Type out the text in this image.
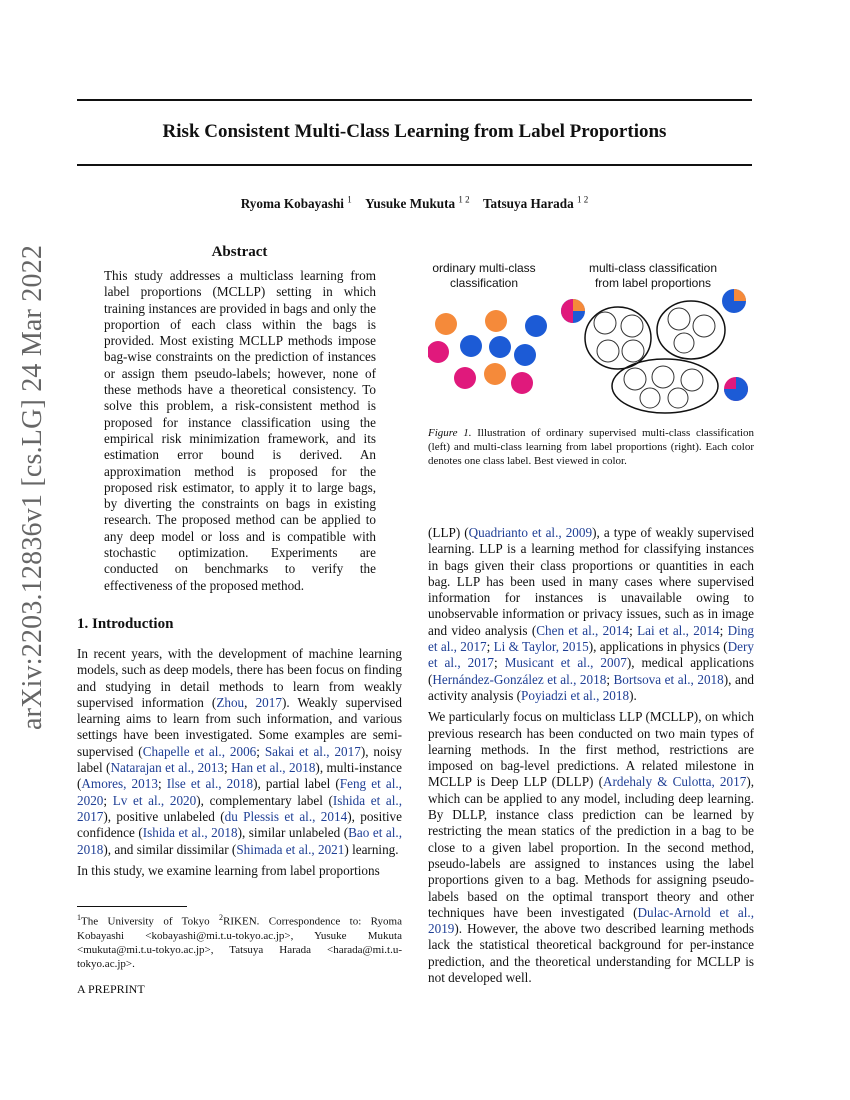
Risk Consistent Multi-Class Learning from Label Proportions
Ryoma Kobayashi $^1$ Yusuke Mukuta $^{1 2}$ Tatsuya Harada $^{1 2}$
arXiv:2203.12836v1 [cs.LG] 24 Mar 2022	Abstract

This study addresses a multiclass learning from label proportions (MCLLP) setting in which training instances are provided in bags and only the proportion of each class within the bags is provided. Most existing MCLLP methods impose bag-wise constraints on the prediction of instances or assign them pseudo-labels; however, none of these methods have a theoretical consistency. To solve this problem, a risk-consistent method is proposed for instance classification using the empirical risk minimization framework, and its estimation error bound is derived. An approximation method is proposed for the proposed risk estimator, to apply it to large bags, by diverting the constraints on bags in existing research. The proposed method can be applied to any deep model or loss and is compatible with stochastic optimization. Experiments are conducted on benchmarks to verify the effectiveness of the proposed method.

1. Introduction

In recent years, with the development of machine learning models, such as deep models, there has been focus on finding and studying in detail methods to learn from weakly supervised information (Zhou, 2017). Weakly supervised learning aims to learn from such information, and various settings have been investigated. Some examples are semi-supervised (Chapelle et al., 2006; Sakai et al., 2017), noisy label (Natarajan et al., 2013; Han et al., 2018), multi-instance (Amores, 2013; Ilse et al., 2018), partial label (Feng et al., 2020; Lv et al., 2020), complementary label (Ishida et al., 2017), positive unlabeled (du Plessis et al., 2014), positive confidence (Ishida et al., 2018), similar unlabeled (Bao et al., 2018), and similar dissimilar (Shimada et al., 2021) learning.

In this study, we examine learning from label proportions

$^1$The University of Tokyo $^2$RIKEN. Correspondence to: Ryoma Kobayashi <kobayashi@mi.t.u-tokyo.ac.jp>, Yusuke Mukuta <mukuta@mi.t.u-tokyo.ac.jp>, Tatsuya Harada <harada@mi.t.u-tokyo.ac.jp>.
A PREPRINT
ordinary multi-class
classification
multi-class classification
from label proportions
Figure 1. Illustration of ordinary supervised multi-class classification (left) and multi-class learning from label proportions (right). Each color denotes one class label. Best viewed in color.

(LLP) (Quadrianto et al., 2009), a type of weakly supervised learning. LLP is a learning method for classifying instances in bags given their class proportions or quantities in each bag. LLP has been used in many cases where supervised information for instances is unavailable owing to unobservable information or privacy issues, such as in image and video analysis (Chen et al., 2014; Lai et al., 2014; Ding et al., 2017; Li & Taylor, 2015), applications in physics (Dery et al., 2017; Musicant et al., 2007), medical applications (Hernández-González et al., 2018; Bortsova et al., 2018), and activity analysis (Poyiadzi et al., 2018).

We particularly focus on multiclass LLP (MCLLP), on which previous research has been conducted on two main types of learning methods. In the first method, restrictions are imposed on bag-level predictions. A related milestone in MCLLP is Deep LLP (DLLP) (Ardehaly & Culotta, 2017), which can be applied to any model, including deep learning. By DLLP, instance class prediction can be learned by restricting the mean statics of the prediction in a bag to be close to a given label proportion. In the second method, pseudo-labels are assigned to instances using the label proportions given to a bag. Methods for assigning pseudo-labels based on the optimal transport theory and other techniques have been investigated (Dulac-Arnold et al., 2019). However, the above two described learning methods lack the statistical theoretical background for per-instance prediction, and the theoretical understanding for MCLLP is not developed well.
